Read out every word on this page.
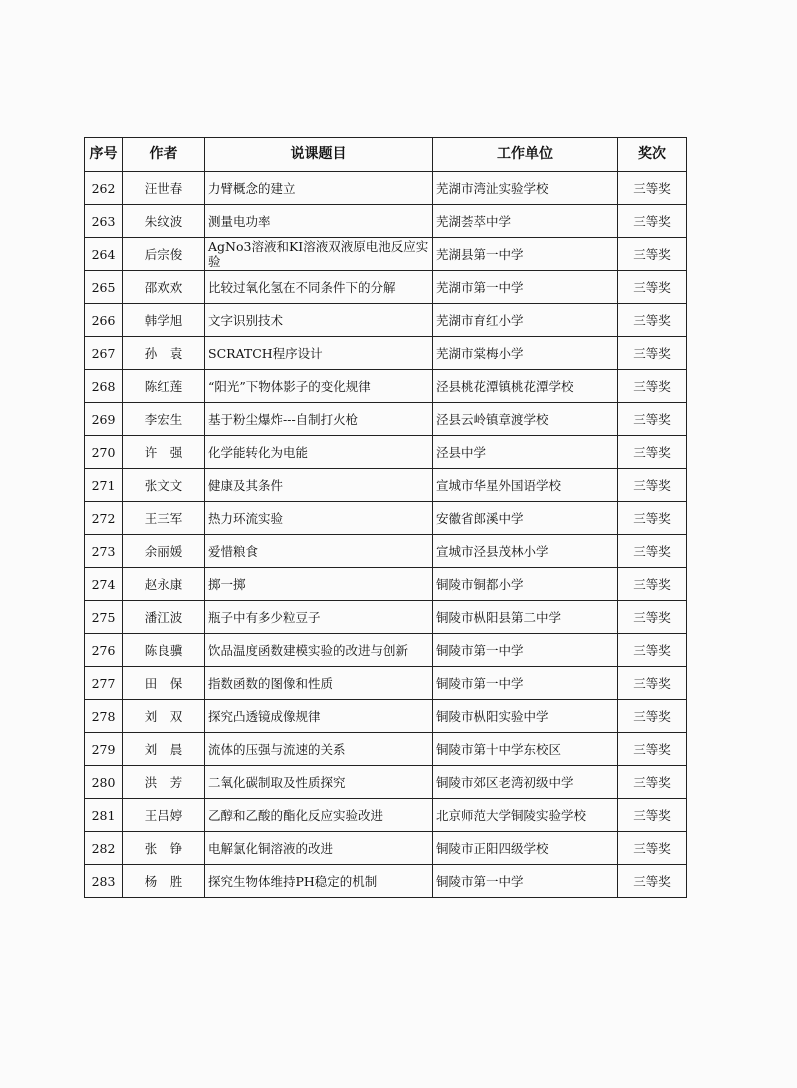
序号	作者	说课题目	工作单位	奖次
262	汪世春	力臂概念的建立	芜湖市湾沚实验学校	三等奖
263	朱纹波	测量电功率	芜湖荟萃中学	三等奖
264	后宗俊	AgNo3溶液和KI溶液双液原电池反应实验	芜湖县第一中学	三等奖
265	邵欢欢	比较过氧化氢在不同条件下的分解	芜湖市第一中学	三等奖
266	韩学旭	文字识别技术	芜湖市育红小学	三等奖
267	孙　袁	SCRATCH程序设计	芜湖市棠梅小学	三等奖
268	陈红莲	“阳光”下物体影子的变化规律	泾县桃花潭镇桃花潭学校	三等奖
269	李宏生	基于粉尘爆炸---自制打火枪	泾县云岭镇章渡学校	三等奖
270	许　强	化学能转化为电能	泾县中学	三等奖
271	张文文	健康及其条件	宣城市华星外国语学校	三等奖
272	王三军	热力环流实验	安徽省郎溪中学	三等奖
273	余丽媛	爱惜粮食	宣城市泾县茂林小学	三等奖
274	赵永康	掷一掷	铜陵市铜都小学	三等奖
275	潘江波	瓶子中有多少粒豆子	铜陵市枞阳县第二中学	三等奖
276	陈良骥	饮品温度函数建模实验的改进与创新	铜陵市第一中学	三等奖
277	田　保	指数函数的图像和性质	铜陵市第一中学	三等奖
278	刘　双	探究凸透镜成像规律	铜陵市枞阳实验中学	三等奖
279	刘　晨	流体的压强与流速的关系	铜陵市第十中学东校区	三等奖
280	洪　芳	二氧化碳制取及性质探究	铜陵市郊区老湾初级中学	三等奖
281	王吕婷	乙醇和乙酸的酯化反应实验改进	北京师范大学铜陵实验学校	三等奖
282	张　铮	电解氯化铜溶液的改进	铜陵市正阳四级学校	三等奖
283	杨　胜	探究生物体维持PH稳定的机制	铜陵市第一中学	三等奖
